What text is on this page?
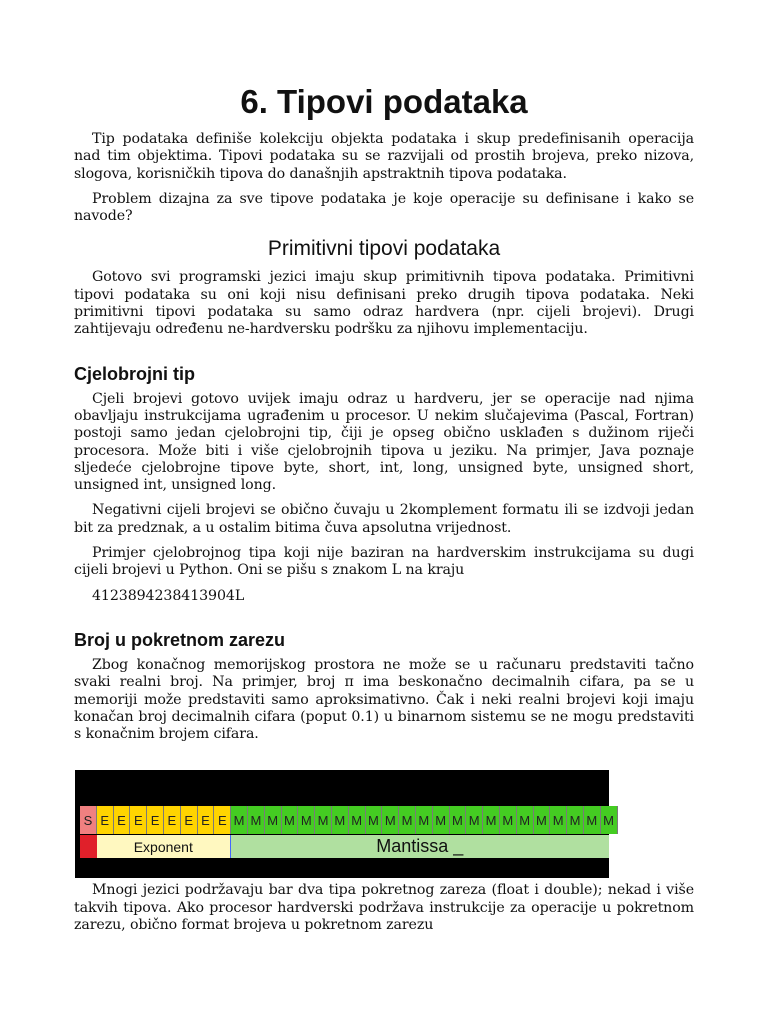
6. Tipovi podataka

Tip podataka definiše kolekciju objekta podataka i skup predefinisanih operacija nad tim objektima. Tipovi podataka su se razvijali od prostih brojeva, preko nizova, slogova, korisničkih tipova do današnjih apstraktnih tipova podataka.

Problem dizajna za sve tipove podataka je koje operacije su definisane i kako se navode?

Primitivni tipovi podataka

Gotovo svi programski jezici imaju skup primitivnih tipova podataka. Primitivni tipovi podataka su oni koji nisu definisani preko drugih tipova podataka. Neki primitivni tipovi podataka su samo odraz hardvera (npr. cijeli brojevi). Drugi zahtijevaju određenu ne-hardversku podršku za njihovu implementaciju.

Cjelobrojni tip

Cjeli brojevi gotovo uvijek imaju odraz u hardveru, jer se operacije nad njima obavljaju instrukcijama ugrađenim u procesor. U nekim slučajevima (Pascal, Fortran) postoji samo jedan cjelobrojni tip, čiji je opseg obično usklađen s dužinom riječi procesora. Može biti i više cjelobrojnih tipova u jeziku. Na primjer, Java poznaje sljedeće cjelobrojne tipove byte, short, int, long, unsigned byte, unsigned short, unsigned int, unsigned long.

Negativni cijeli brojevi se obično čuvaju u 2komplement formatu ili se izdvoji jedan bit za predznak, a u ostalim bitima čuva apsolutna vrijednost.

Primjer cjelobrojnog tipa koji nije baziran na hardverskim instrukcijama su dugi cijeli brojevi u Python. Oni se pišu s znakom L na kraju

4123894238413904L

Broj u pokretnom zarezu

Zbog konačnog memorijskog prostora ne može se u računaru predstaviti tačno svaki realni broj. Na primjer, broj π ima beskonačno decimalnih cifara, pa se u memoriji može predstaviti samo aproksimativno. Čak i neki realni brojevi koji imaju konačan broj decimalnih cifara (poput 0.1) u binarnom sistemu se ne mogu predstaviti s konačnim brojem cifara.

S E E E E E E E E M M M M M M M M M M M M M M M M M M M M M M M
Exponent	Mantissa _

Mnogi jezici podržavaju bar dva tipa pokretnog zareza (float i double); nekad i više takvih tipova. Ako procesor hardverski podržava instrukcije za operacije u pokretnom zarezu, obično format brojeva u pokretnom zarezu
